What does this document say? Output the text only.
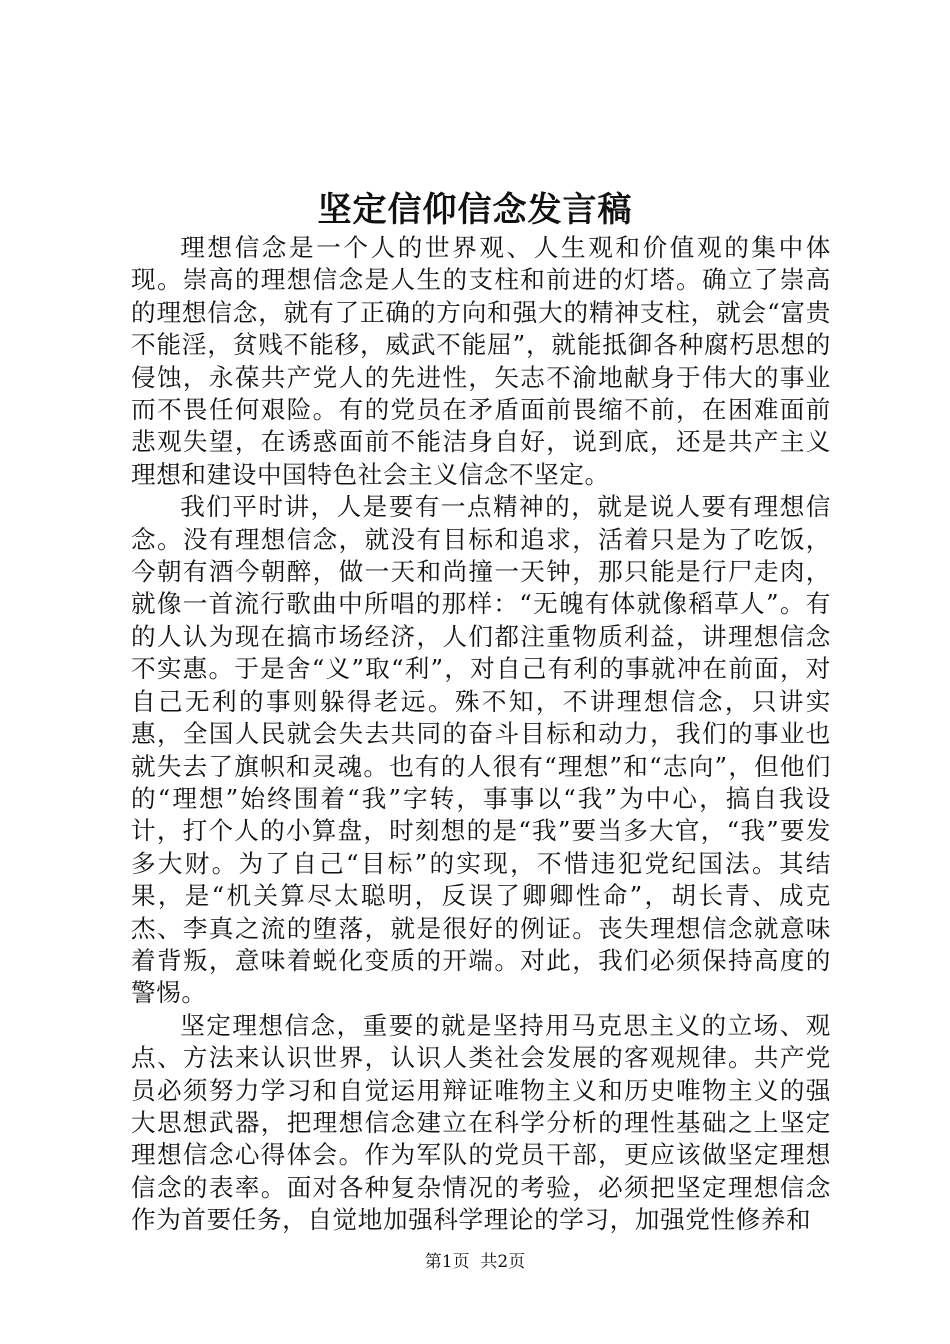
坚定信仰信念发言稿

理想信念是一个人的世界观、人生观和价值观的集中体现。崇高的理想信念是人生的支柱和前进的灯塔。确立了崇高的理想信念，就有了正确的方向和强大的精神支柱，就会“富贵不能淫，贫贱不能移，威武不能屈”，就能抵御各种腐朽思想的侵蚀，永葆共产党人的先进性，矢志不渝地献身于伟大的事业而不畏任何艰险。有的党员在矛盾面前畏缩不前，在困难面前悲观失望，在诱惑面前不能洁身自好，说到底，还是共产主义理想和建设中国特色社会主义信念不坚定。

我们平时讲，人是要有一点精神的，就是说人要有理想信念。没有理想信念，就没有目标和追求，活着只是为了吃饭，今朝有酒今朝醉，做一天和尚撞一天钟，那只能是行尸走肉，就像一首流行歌曲中所唱的那样：“无魄有体就像稻草人”。有的人认为现在搞市场经济，人们都注重物质利益，讲理想信念不实惠。于是舍“义”取“利”，对自己有利的事就冲在前面，对自己无利的事则躲得老远。殊不知，不讲理想信念，只讲实惠，全国人民就会失去共同的奋斗目标和动力，我们的事业也就失去了旗帜和灵魂。也有的人很有“理想”和“志向”，但他们的“理想”始终围着“我”字转，事事以“我”为中心，搞自我设计，打个人的小算盘，时刻想的是“我”要当多大官，“我”要发多大财。为了自己“目标”的实现，不惜违犯党纪国法。其结果，是“机关算尽太聪明，反误了卿卿性命”，胡长青、成克杰、李真之流的堕落，就是很好的例证。丧失理想信念就意味着背叛，意味着蜕化变质的开端。对此，我们必须保持高度的警惕。

坚定理想信念，重要的就是坚持用马克思主义的立场、观点、方法来认识世界，认识人类社会发展的客观规律。共产党员必须努力学习和自觉运用辩证唯物主义和历史唯物主义的强大思想武器，把理想信念建立在科学分析的理性基础之上坚定理想信念心得体会。作为军队的党员干部，更应该做坚定理想信念的表率。面对各种复杂情况的考验，必须把坚定理想信念作为首要任务，自觉地加强科学理论的学习，加强党性修养和

第1页  共2页
